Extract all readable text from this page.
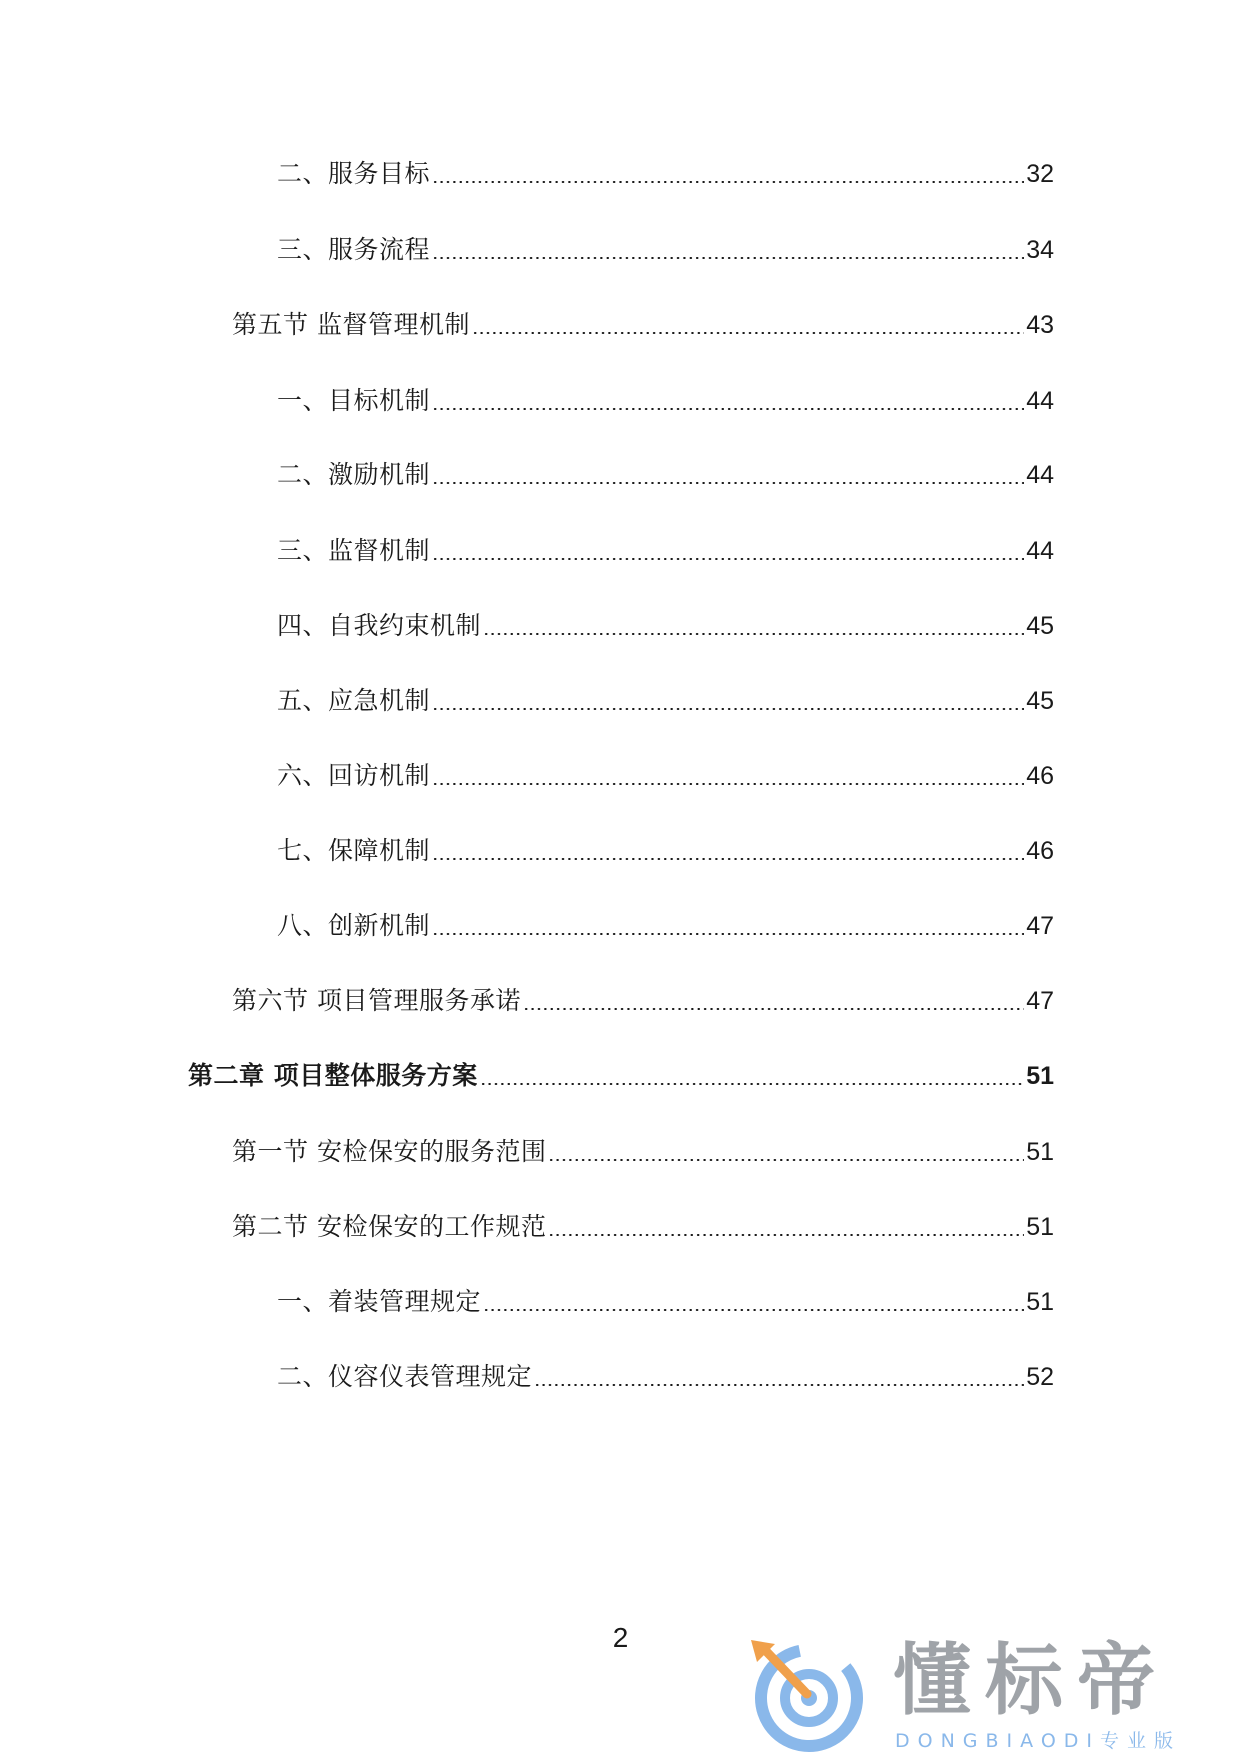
二、服务目标	32
三、服务流程	34
第五节 监督管理机制	43
一、目标机制	44
二、激励机制	44
三、监督机制	44
四、自我约束机制	45
五、应急机制	45
六、回访机制	46
七、保障机制	46
八、创新机制	47
第六节 项目管理服务承诺	47
第二章 项目整体服务方案	51
第一节 安检保安的服务范围	51
第二节 安检保安的工作规范	51
一、着装管理规定	51
二、仪容仪表管理规定	52
2	懂标帝
DONGBIAODI专业版
